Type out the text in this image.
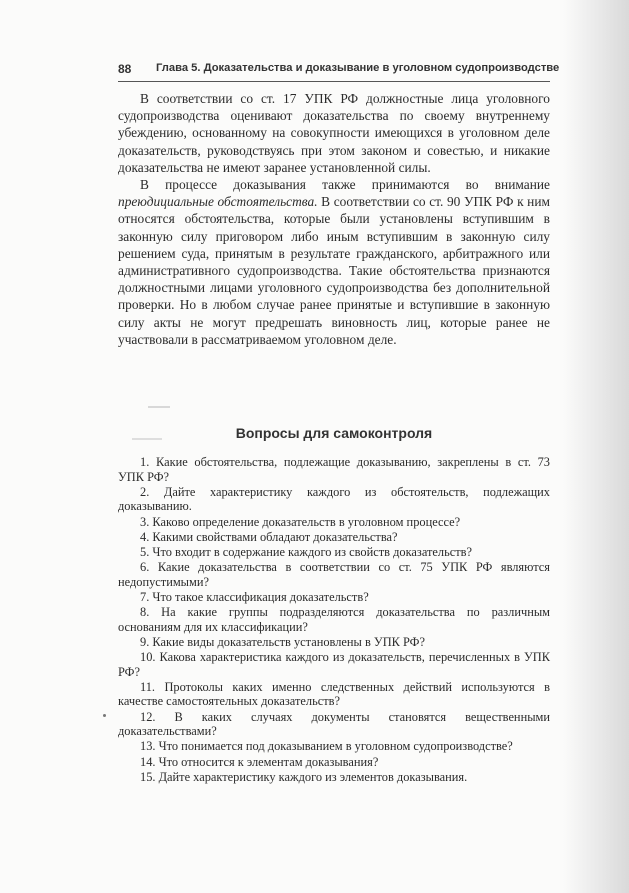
88 Глава 5. Доказательства и доказывание в уголовном судопроизводстве

В соответствии со ст. 17 УПК РФ должностные лица уголовного судопроизводства оценивают доказательства по своему внутреннему убеждению, основанному на совокупности имеющихся в уголовном деле доказательств, руководствуясь при этом законом и совестью, и никакие доказательства не имеют заранее установленной силы.

В процессе доказывания также принимаются во внимание преюдициальные обстоятельства. В соответствии со ст. 90 УПК РФ к ним относятся обстоятельства, которые были установлены вступившим в законную силу приговором либо иным вступившим в законную силу решением суда, принятым в результате гражданского, арбитражного или административного судопроизводства. Такие обстоятельства признаются должностными лицами уголовного судопроизводства без дополнительной проверки. Но в любом случае ранее принятые и вступившие в законную силу акты не могут предрешать виновность лиц, которые ранее не участвовали в рассматриваемом уголовном деле.

Вопросы для самоконтроля

1. Какие обстоятельства, подлежащие доказыванию, закреплены в ст. 73 УПК РФ?

2. Дайте характеристику каждого из обстоятельств, подлежащих доказыванию.

3. Каково определение доказательств в уголовном процессе?

4. Какими свойствами обладают доказательства?

5. Что входит в содержание каждого из свойств доказательств?

6. Какие доказательства в соответствии со ст. 75 УПК РФ являются недопустимыми?

7. Что такое классификация доказательств?

8. На какие группы подразделяются доказательства по различным основаниям для их классификации?

9. Какие виды доказательств установлены в УПК РФ?

10. Какова характеристика каждого из доказательств, перечисленных в УПК РФ?

11. Протоколы каких именно следственных действий используются в качестве самостоятельных доказательств?

12. В каких случаях документы становятся вещественными доказательствами?

13. Что понимается под доказыванием в уголовном судопроизводстве?

14. Что относится к элементам доказывания?

15. Дайте характеристику каждого из элементов доказывания.
